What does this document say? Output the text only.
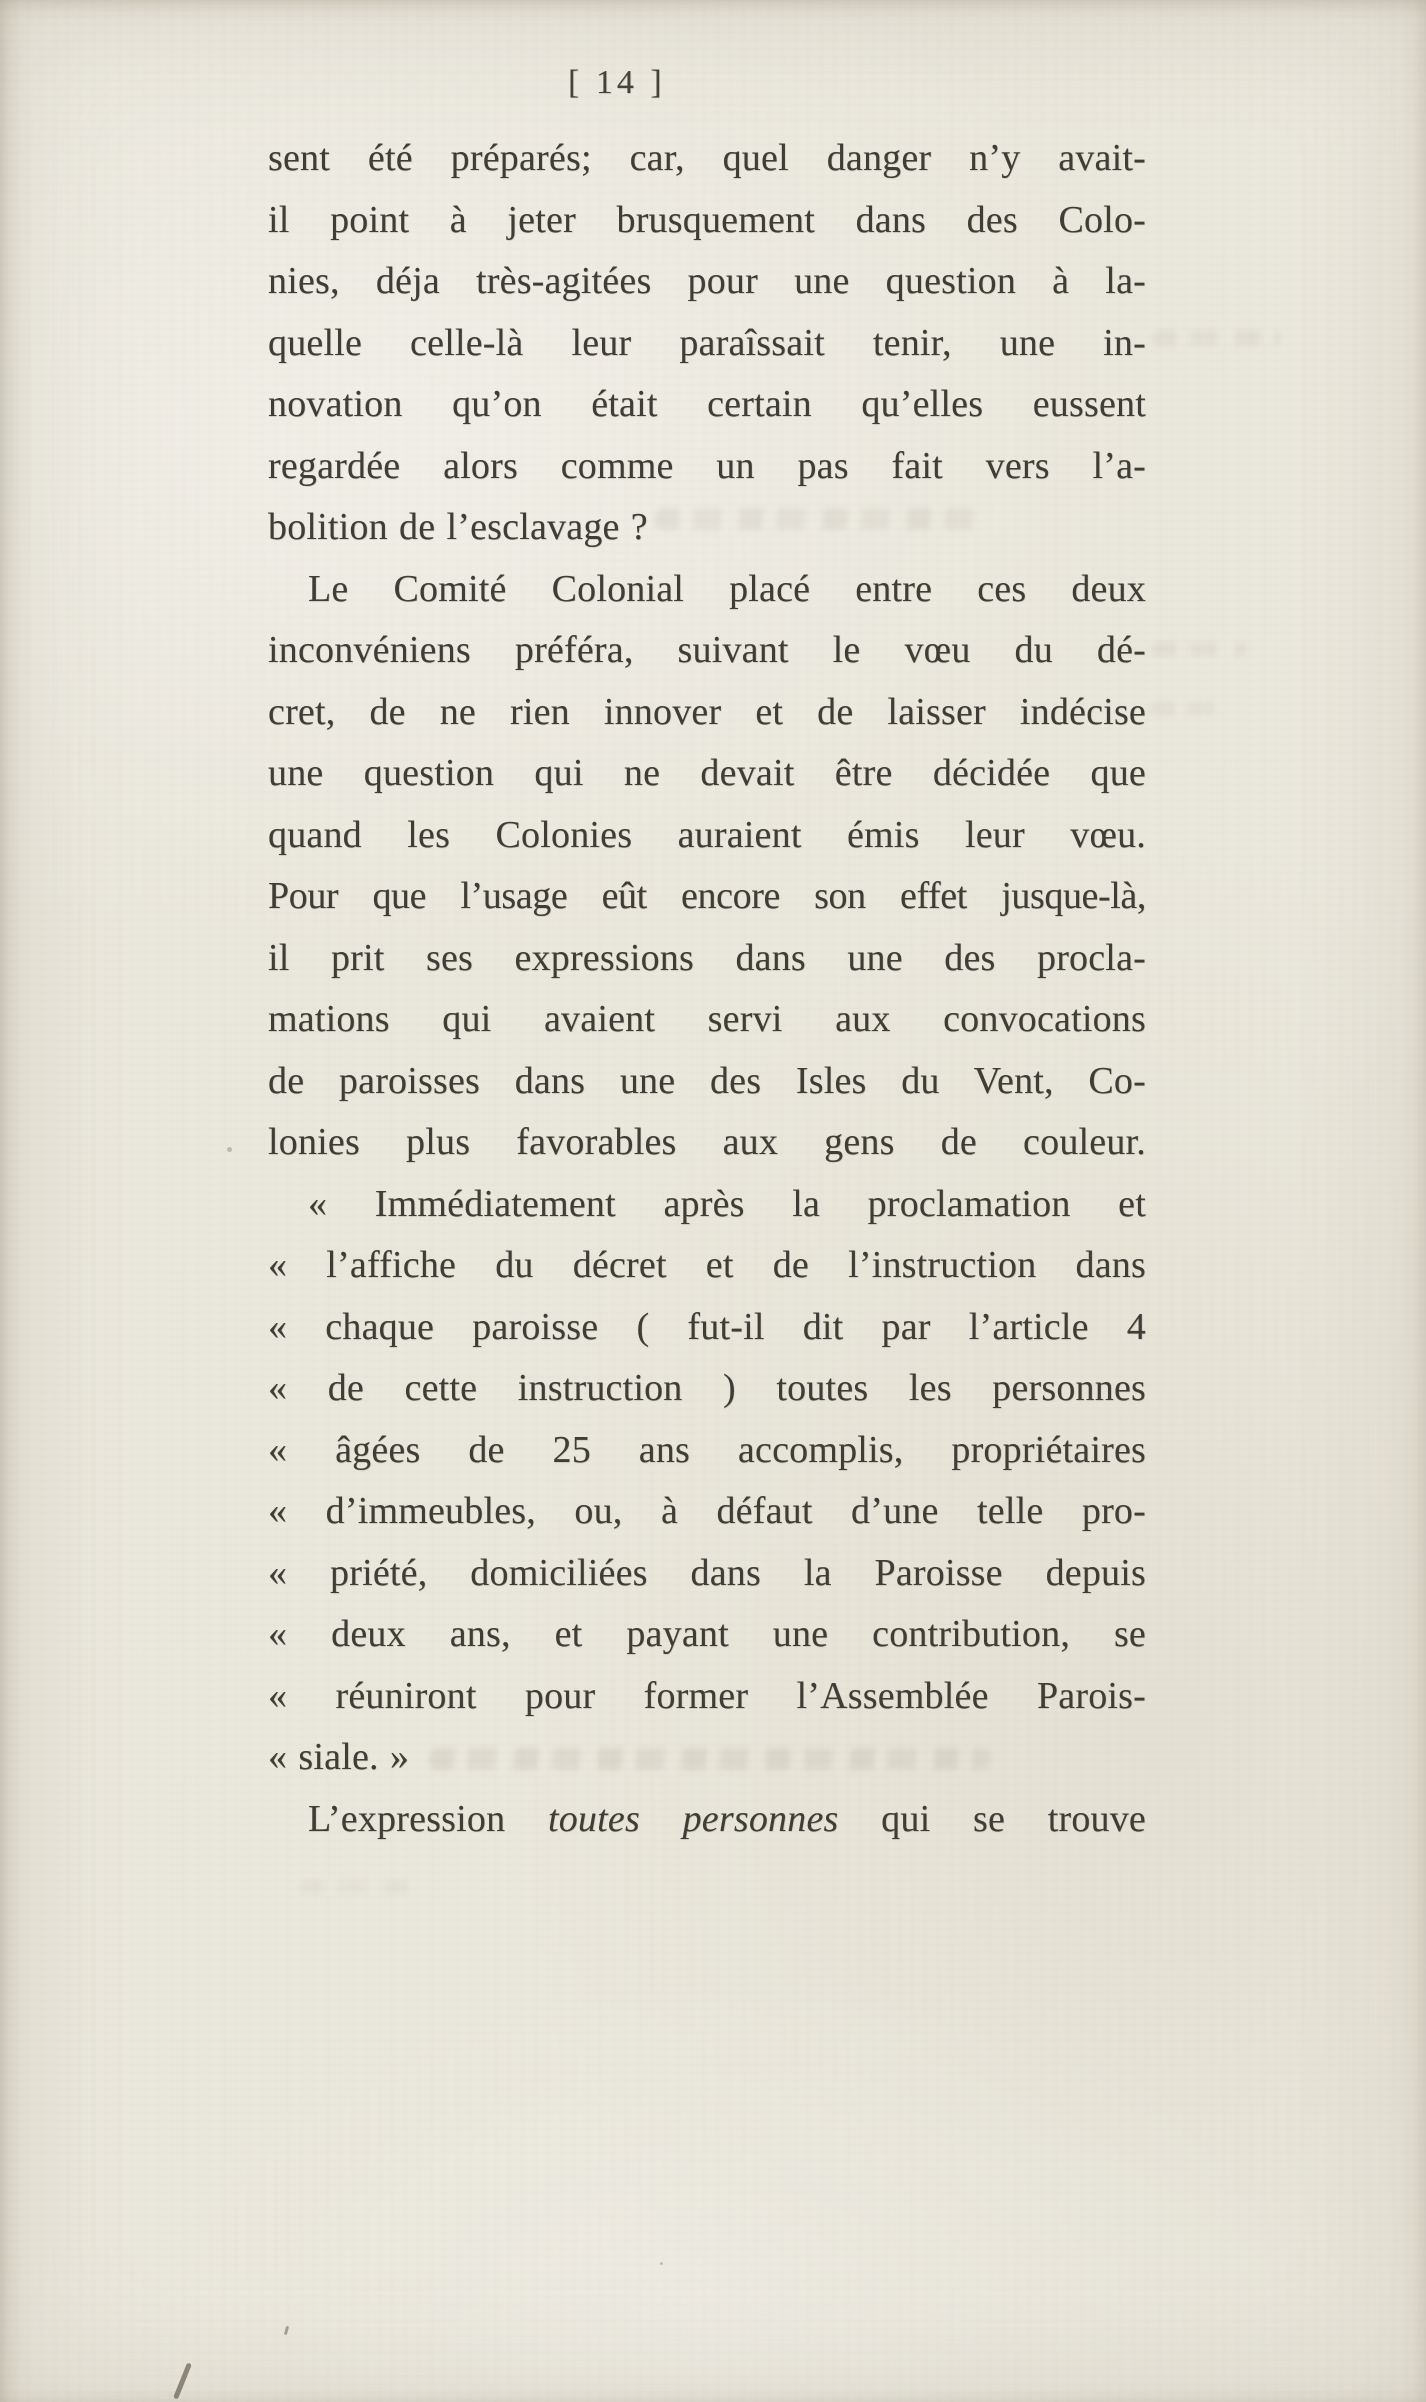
[ 14 ]
sent été préparés; car, quel danger n’y avait-
il point à jeter brusquement dans des Colo-
nies, déja très-agitées pour une question à la-
quelle celle-là leur paraîssait tenir, une in-
novation qu’on était certain qu’elles eussent
regardée alors comme un pas fait vers l’a-
bolition de l’esclavage ?
Le Comité Colonial placé entre ces deux
inconvéniens préféra, suivant le vœu du dé-
cret, de ne rien innover et de laisser indécise
une question qui ne devait être décidée que
quand les Colonies auraient émis leur vœu.
Pour que l’usage eût encore son effet jusque-là,
il prit ses expressions dans une des procla-
mations qui avaient servi aux convocations
de paroisses dans une des Isles du Vent, Co-
lonies plus favorables aux gens de couleur.
« Immédiatement après la proclamation et
« l’affiche du décret et de l’instruction dans
« chaque paroisse ( fut-il dit par l’article 4
« de cette instruction ) toutes les personnes
« âgées de 25 ans accomplis, propriétaires
« d’immeubles, ou, à défaut d’une telle pro-
« priété, domiciliées dans la Paroisse depuis
« deux ans, et payant une contribution, se
« réuniront pour former l’Assemblée Parois-
« siale. »
L’expression toutes personnes qui se trouve
